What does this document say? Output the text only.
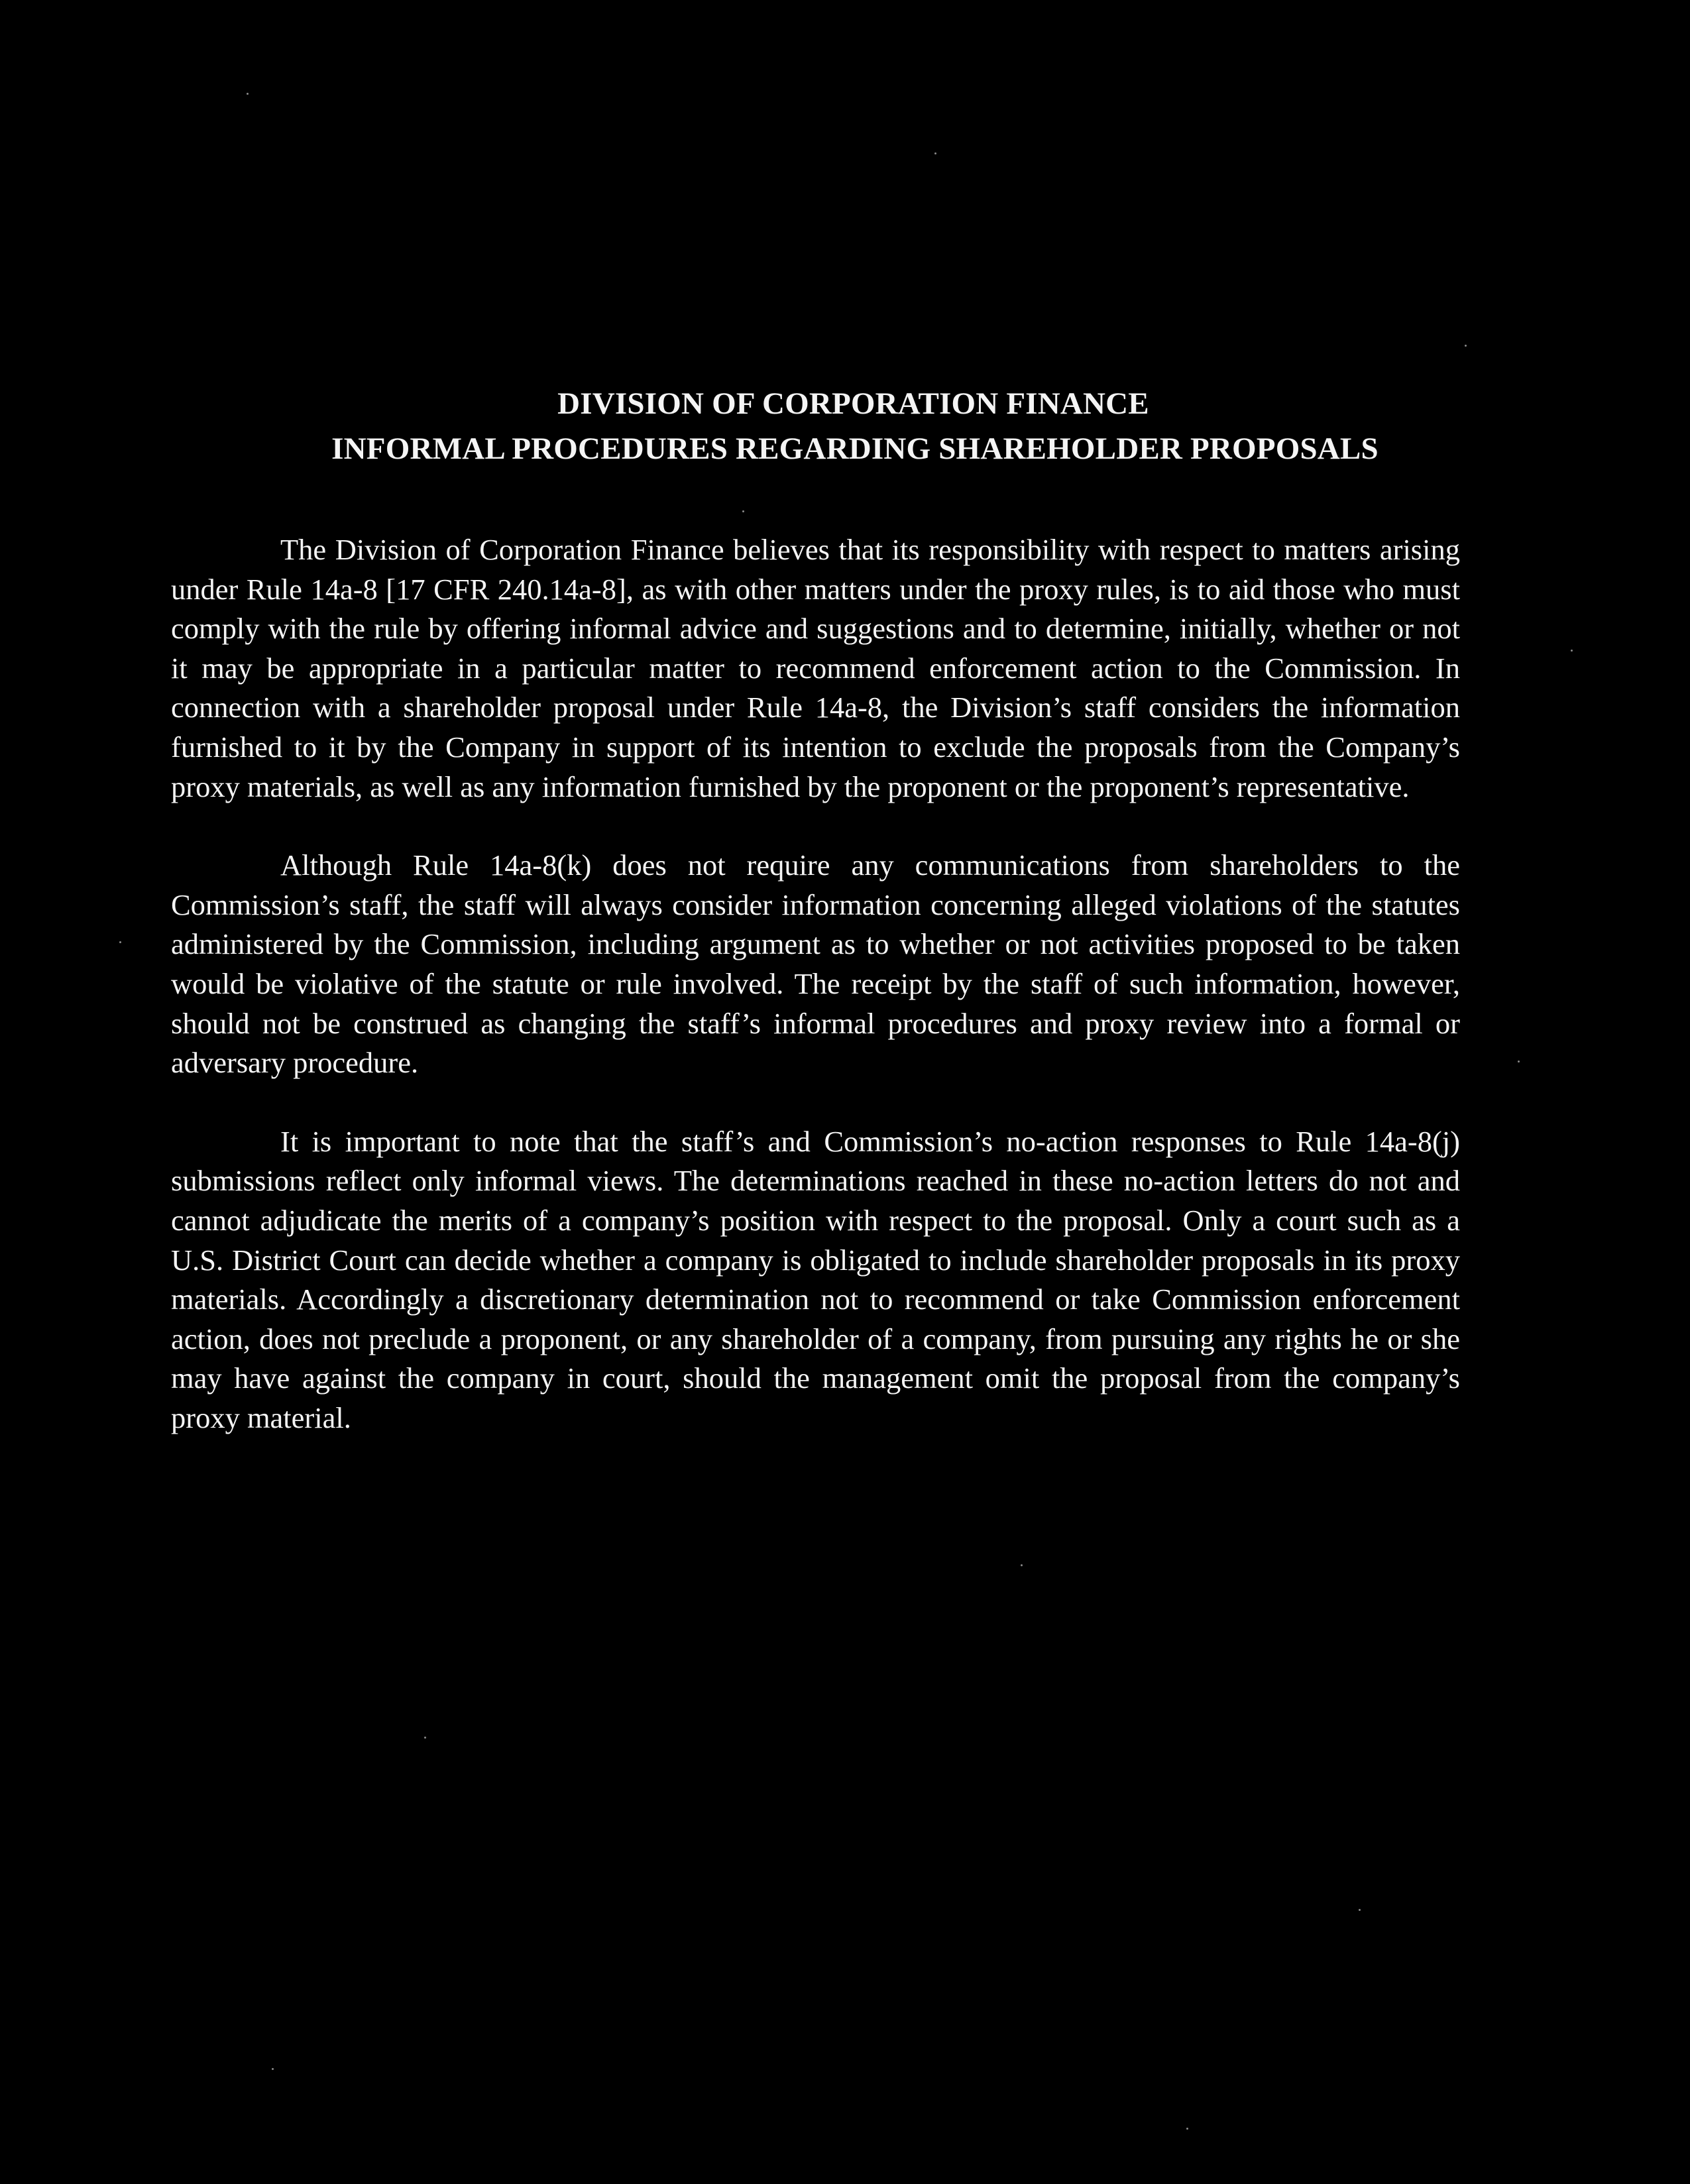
DIVISION OF CORPORATION FINANCE
INFORMAL PROCEDURES REGARDING SHAREHOLDER PROPOSALS

The Division of Corporation Finance believes that its responsibility with respect to matters arising under Rule 14a-8 [17 CFR 240.14a-8], as with other matters under the proxy rules, is to aid those who must comply with the rule by offering informal advice and suggestions and to determine, initially, whether or not it may be appropriate in a particular matter to recommend enforcement action to the Commission. In connection with a shareholder proposal under Rule 14a-8, the Division’s staff considers the information furnished to it by the Company in support of its intention to exclude the proposals from the Company’s proxy materials, as well as any information furnished by the proponent or the proponent’s representative.

Although Rule 14a-8(k) does not require any communications from shareholders to the Commission’s staff, the staff will always consider information concerning alleged violations of the statutes administered by the Commission, including argument as to whether or not activities proposed to be taken would be violative of the statute or rule involved. The receipt by the staff of such information, however, should not be construed as changing the staff’s informal procedures and proxy review into a formal or adversary procedure.

It is important to note that the staff’s and Commission’s no-action responses to Rule 14a-8(j) submissions reflect only informal views. The determinations reached in these no-action letters do not and cannot adjudicate the merits of a company’s position with respect to the proposal. Only a court such as a U.S. District Court can decide whether a company is obligated to include shareholder proposals in its proxy materials. Accordingly a discretionary determination not to recommend or take Commission enforcement action, does not preclude a proponent, or any shareholder of a company, from pursuing any rights he or she may have against the company in court, should the management omit the proposal from the company’s proxy material.
